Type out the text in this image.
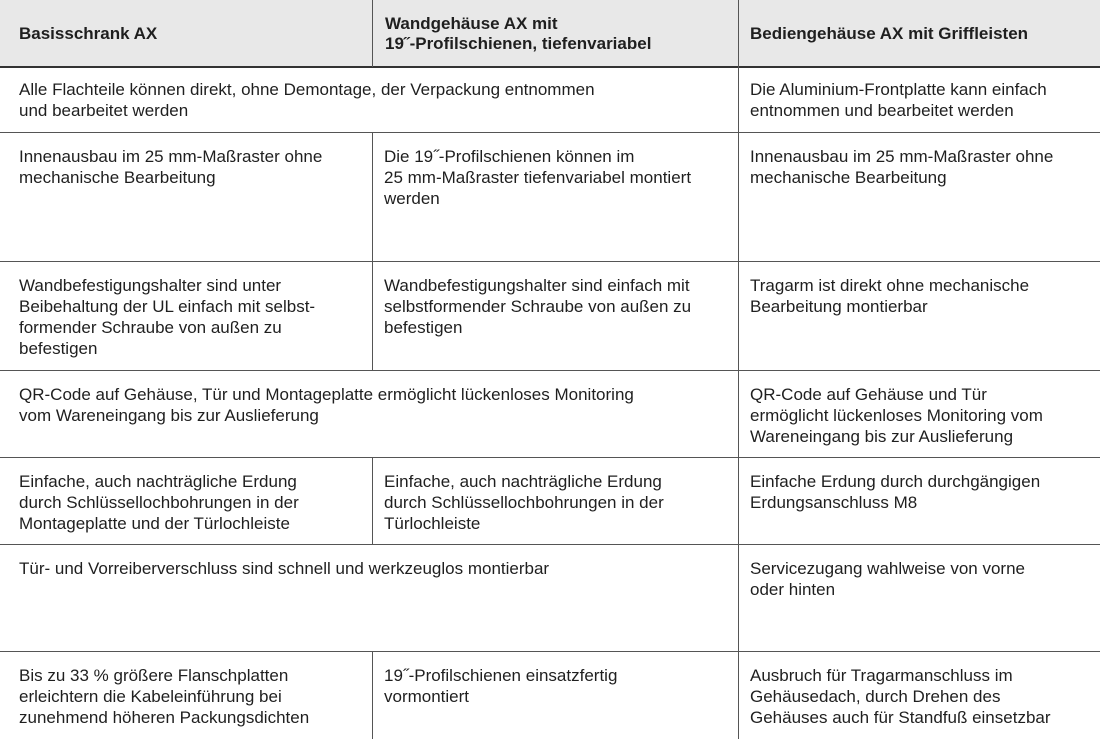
Basisschrank AX
Wandgehäuse AX mit
19˝-Profilschienen, tiefenvariabel
Bediengehäuse AX mit Griffleisten
Alle Flachteile können direkt, ohne Demontage, der Verpackung entnommen
und bearbeitet werden
Die Aluminium-Frontplatte kann einfach
entnommen und bearbeitet werden
Innenausbau im 25 mm-Maßraster ohne
mechanische Bearbeitung
Die 19˝-Profilschienen können im
25 mm-Maßraster tiefenvariabel montiert
werden
Innenausbau im 25 mm-Maßraster ohne
mechanische Bearbeitung
Wandbefestigungshalter sind unter
Beibehaltung der UL einfach mit selbst-
formender Schraube von außen zu
befestigen
Wandbefestigungshalter sind einfach mit
selbstformender Schraube von außen zu
befestigen
Tragarm ist direkt ohne mechanische
Bearbeitung montierbar
QR-Code auf Gehäuse, Tür und Montageplatte ermöglicht lückenloses Monitoring
vom Wareneingang bis zur Auslieferung
QR-Code auf Gehäuse und Tür
ermöglicht lückenloses Monitoring vom
Wareneingang bis zur Auslieferung
Einfache, auch nachträgliche Erdung
durch Schlüssellochbohrungen in der
Montageplatte und der Türlochleiste
Einfache, auch nachträgliche Erdung
durch Schlüssellochbohrungen in der
Türlochleiste
Einfache Erdung durch durchgängigen
Erdungsanschluss M8
Tür- und Vorreiberverschluss sind schnell und werkzeuglos montierbar	Servicezugang wahlweise von vorne
oder hinten
Bis zu 33 % größere Flanschplatten
erleichtern die Kabeleinführung bei
zunehmend höheren Packungsdichten
19˝-Profilschienen einsatzfertig
vormontiert
Ausbruch für Tragarmanschluss im
Gehäusedach, durch Drehen des
Gehäuses auch für Standfuß einsetzbar
